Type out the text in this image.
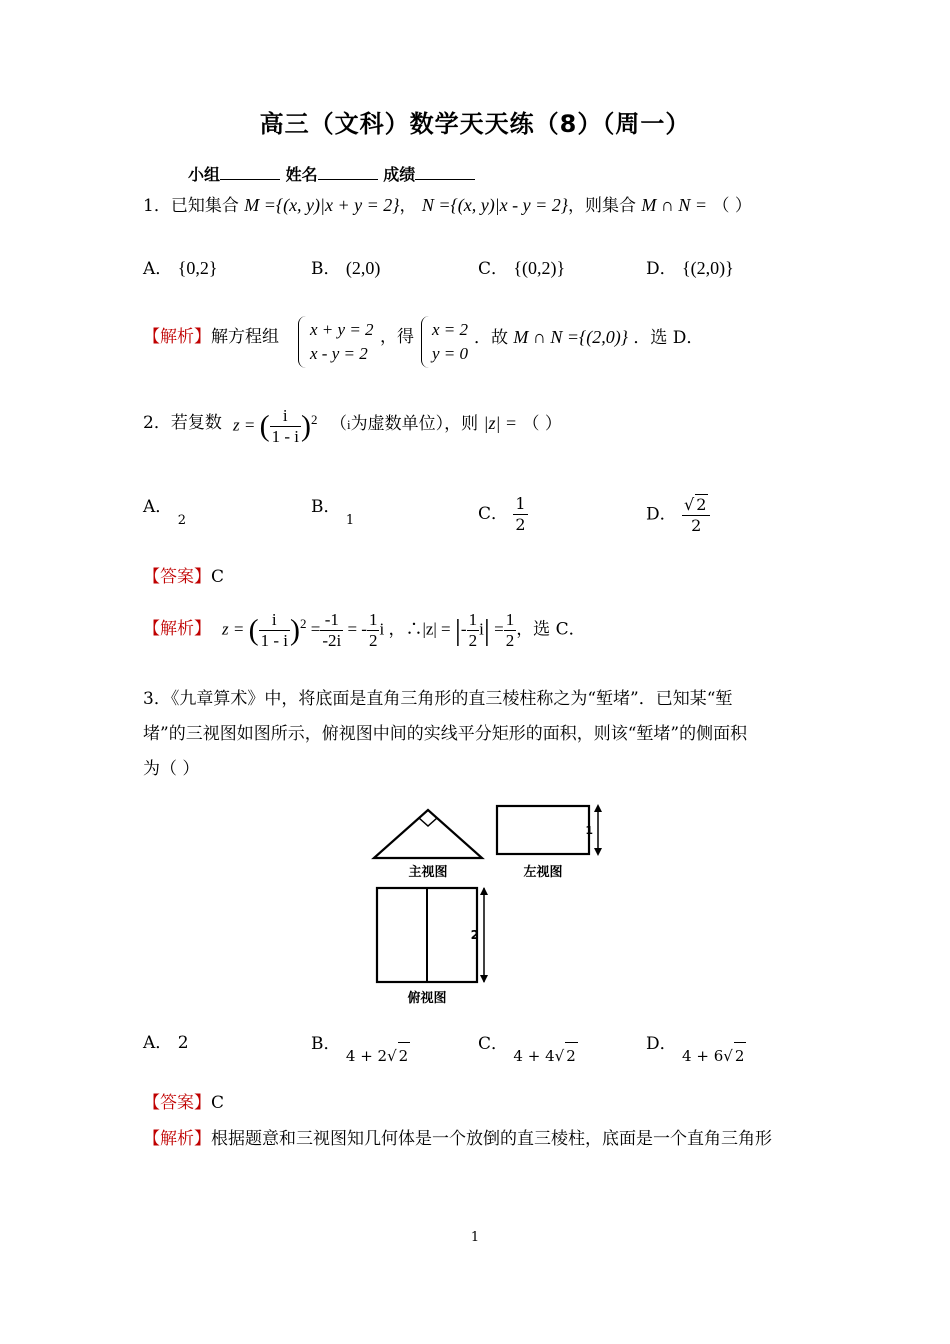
高三（文科）数学天天练（8）（周一）
小组	姓名	成绩
1．已知集合 M ={(x, y)|x + y = 2}， N ={(x, y)|x - y = 2}，则集合 M ∩ N = （ ）
A． {0,2}	B． (2,0)	C． {(0,2)}	D． {(2,0)}
【解析】解方程组 x + y = 2
x - y = 2
，得 x = 2
y = 0
．故 M ∩ N ={(2,0)} ．选 D．
2．若复数 z = ( $\frac{i}{1 - i} )^2$ （i为虚数单位），则 |z| = （ ）
A． $_2$
B． $_1$	C． $\frac{1}{2}$	D． $\frac{√ 2}{2}$
【答案】C
【解析】 z = ( $\frac{i}{1 - i} )^2 = \frac{-1}{-2i}$ = - $\frac{1}{2}$ i ，∴|z| = |- $\frac{1}{2} i| = \frac{1}{2}$ ，选 C．
3．《九章算术》中，将底面是直角三角形的直三棱柱称之为“堑堵”．已知某“堑
堵”的三视图如图所示，俯视图中间的实线平分矩形的面积，则该“堑堵”的侧面积
为（ ）
主视图
1
左视图
2
俯视图
A． 2	B． 4 + 2√ 2
C． 4 + 4√ 2
D． 4 + 6√ 2
【答案】C
【解析】根据题意和三视图知几何体是一个放倒的直三棱柱，底面是一个直角三角形
1
